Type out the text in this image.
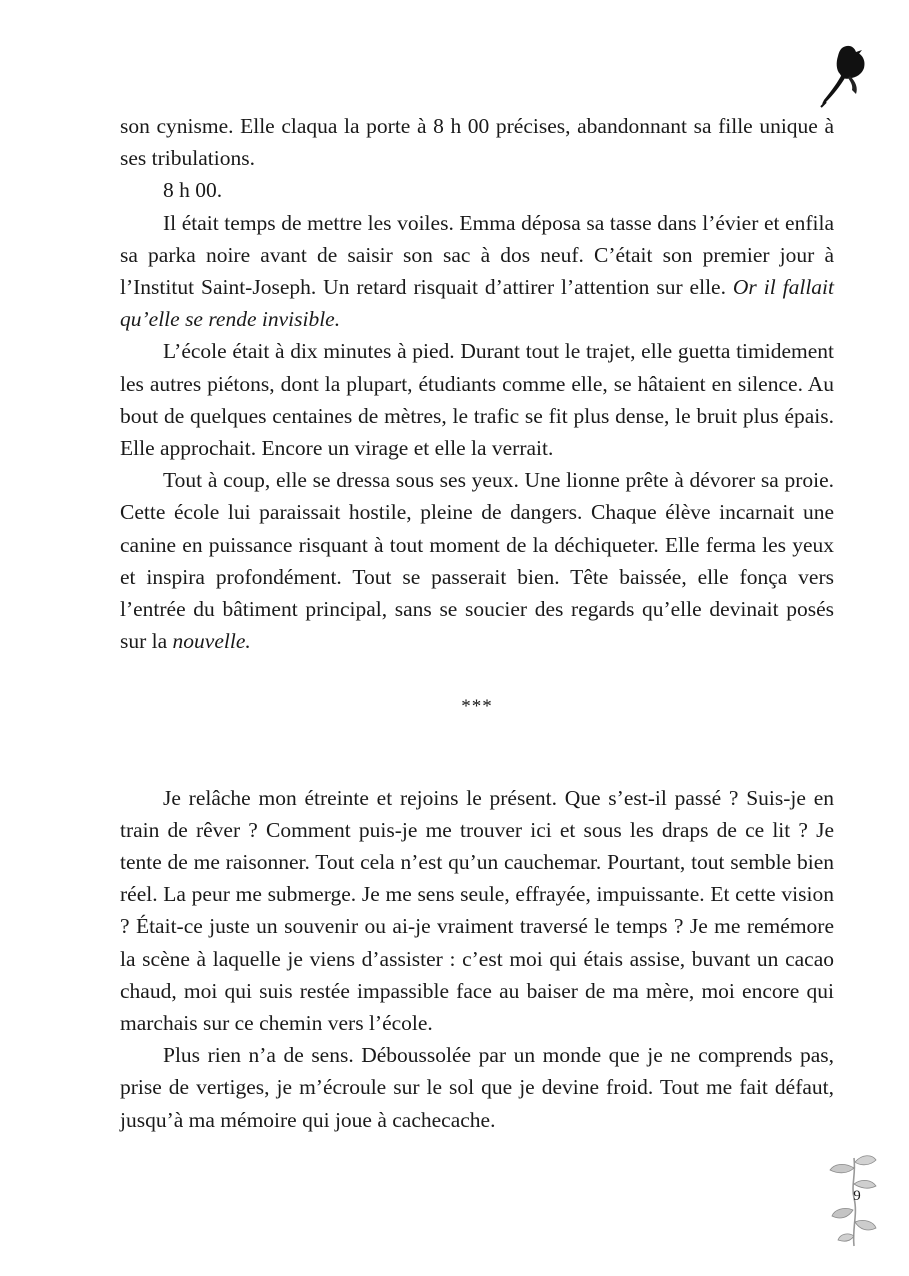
son cynisme. Elle claqua la porte à 8 h 00 précises, abandonnant sa fille unique à ses tribulations.

8 h 00.

Il était temps de mettre les voiles. Emma déposa sa tasse dans l’évier et enfila sa parka noire avant de saisir son sac à dos neuf. C’était son premier jour à l’Institut Saint-Joseph. Un retard risquait d’attirer l’attention sur elle. Or il fallait qu’elle se rende invisible.

L’école était à dix minutes à pied. Durant tout le trajet, elle guetta timidement les autres piétons, dont la plupart, étudiants comme elle, se hâtaient en silence. Au bout de quelques centaines de mètres, le trafic se fit plus dense, le bruit plus épais. Elle approchait. Encore un virage et elle la verrait.

Tout à coup, elle se dressa sous ses yeux. Une lionne prête à dévorer sa proie. Cette école lui paraissait hostile, pleine de dangers. Chaque élève incarnait une canine en puissance risquant à tout moment de la déchiqueter. Elle ferma les yeux et inspira profondément. Tout se passerait bien. Tête baissée, elle fonça vers l’entrée du bâtiment principal, sans se soucier des regards qu’elle devinait posés sur la nouvelle.

***

Je relâche mon étreinte et rejoins le présent. Que s’est-il passé ? Suis-je en train de rêver ? Comment puis-je me trouver ici et sous les draps de ce lit ? Je tente de me raisonner. Tout cela n’est qu’un cauchemar. Pourtant, tout semble bien réel. La peur me submerge. Je me sens seule, effrayée, impuissante. Et cette vision ? Était-ce juste un souvenir ou ai-je vraiment traversé le temps ? Je me remémore la scène à laquelle je viens d’assister : c’est moi qui étais assise, buvant un cacao chaud, moi qui suis restée impassible face au baiser de ma mère, moi encore qui marchais sur ce chemin vers l’école.

Plus rien n’a de sens. Déboussolée par un monde que je ne comprends pas, prise de vertiges, je m’écroule sur le sol que je devine froid. Tout me fait défaut, jusqu’à ma mémoire qui joue à cachecache.

9
